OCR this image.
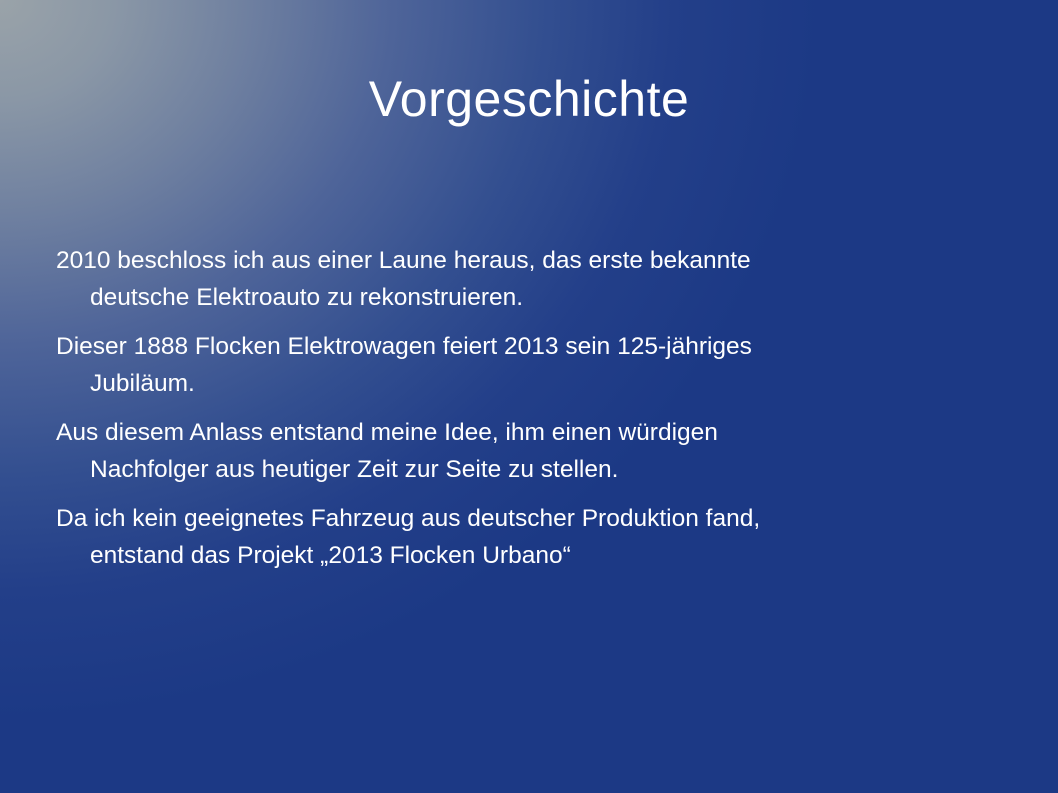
Vorgeschichte
2010 beschloss ich aus einer Laune heraus, das erste bekannte
deutsche Elektroauto zu rekonstruieren.
Dieser 1888 Flocken Elektrowagen feiert 2013 sein 125-jähriges
Jubiläum.
Aus diesem Anlass entstand meine Idee, ihm einen würdigen
Nachfolger aus heutiger Zeit zur Seite zu stellen.
Da ich kein geeignetes Fahrzeug aus deutscher Produktion fand,
entstand das Projekt „2013 Flocken Urbano“
